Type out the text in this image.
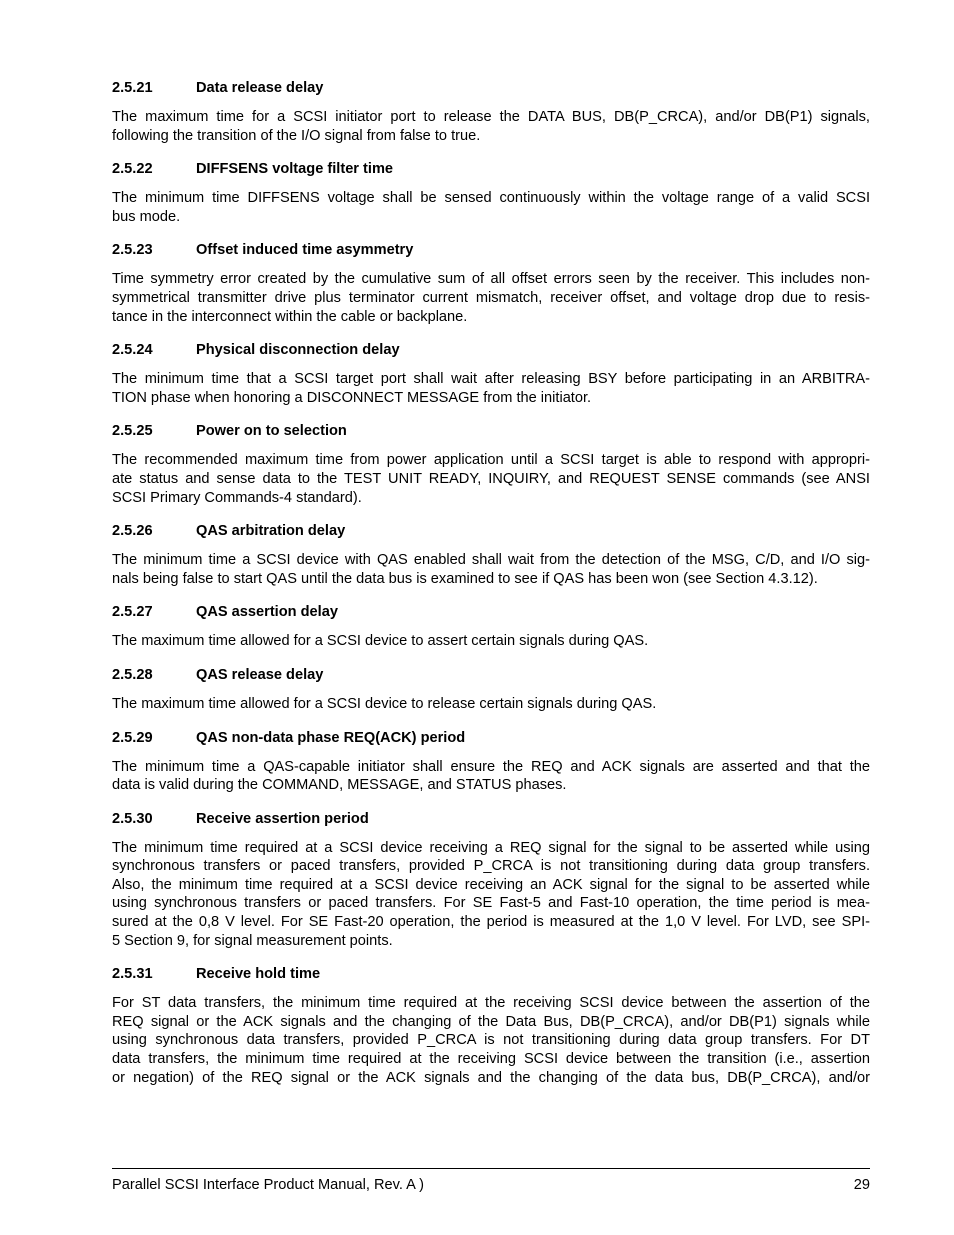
2.5.21	Data release delay
The maximum time for a SCSI initiator port to release the DATA BUS, DB(P_CRCA), and/or DB(P1) signals,
following the transition of the I/O signal from false to true.
2.5.22	DIFFSENS voltage filter time
The minimum time DIFFSENS voltage shall be sensed continuously within the voltage range of a valid SCSI
bus mode.
2.5.23	Offset induced time asymmetry
Time symmetry error created by the cumulative sum of all offset errors seen by the receiver. This includes non-
symmetrical transmitter drive plus terminator current mismatch, receiver offset, and voltage drop due to resis-
tance in the interconnect within the cable or backplane.
2.5.24	Physical disconnection delay
The minimum time that a SCSI target port shall wait after releasing BSY before participating in an ARBITRA-
TION phase when honoring a DISCONNECT MESSAGE from the initiator.
2.5.25	Power on to selection
The recommended maximum time from power application until a SCSI target is able to respond with appropri-
ate status and sense data to the TEST UNIT READY, INQUIRY, and REQUEST SENSE commands (see ANSI
SCSI Primary Commands-4 standard).
2.5.26	QAS arbitration delay
The minimum time a SCSI device with QAS enabled shall wait from the detection of the MSG, C/D, and I/O sig-
nals being false to start QAS until the data bus is examined to see if QAS has been won (see Section 4.3.12).
2.5.27	QAS assertion delay
The maximum time allowed for a SCSI device to assert certain signals during QAS.
2.5.28	QAS release delay
The maximum time allowed for a SCSI device to release certain signals during QAS.
2.5.29	QAS non-data phase REQ(ACK) period
The minimum time a QAS-capable initiator shall ensure the REQ and ACK signals are asserted and that the
data is valid during the COMMAND, MESSAGE, and STATUS phases.
2.5.30	Receive assertion period
The minimum time required at a SCSI device receiving a REQ signal for the signal to be asserted while using
synchronous transfers or paced transfers, provided P_CRCA is not transitioning during data group transfers.
Also, the minimum time required at a SCSI device receiving an ACK signal for the signal to be asserted while
using synchronous transfers or paced transfers. For SE Fast-5 and Fast-10 operation, the time period is mea-
sured at the 0,8 V level. For SE Fast-20 operation, the period is measured at the 1,0 V level. For LVD, see SPI-
5 Section 9, for signal measurement points.
2.5.31	Receive hold time
For ST data transfers, the minimum time required at the receiving SCSI device between the assertion of the
REQ signal or the ACK signals and the changing of the Data Bus, DB(P_CRCA), and/or DB(P1) signals while
using synchronous data transfers, provided P_CRCA is not transitioning during data group transfers. For DT
data transfers, the minimum time required at the receiving SCSI device between the transition (i.e., assertion
or negation) of the REQ signal or the ACK signals and the changing of the data bus, DB(P_CRCA), and/or
Parallel SCSI Interface Product Manual, Rev. A )	29
